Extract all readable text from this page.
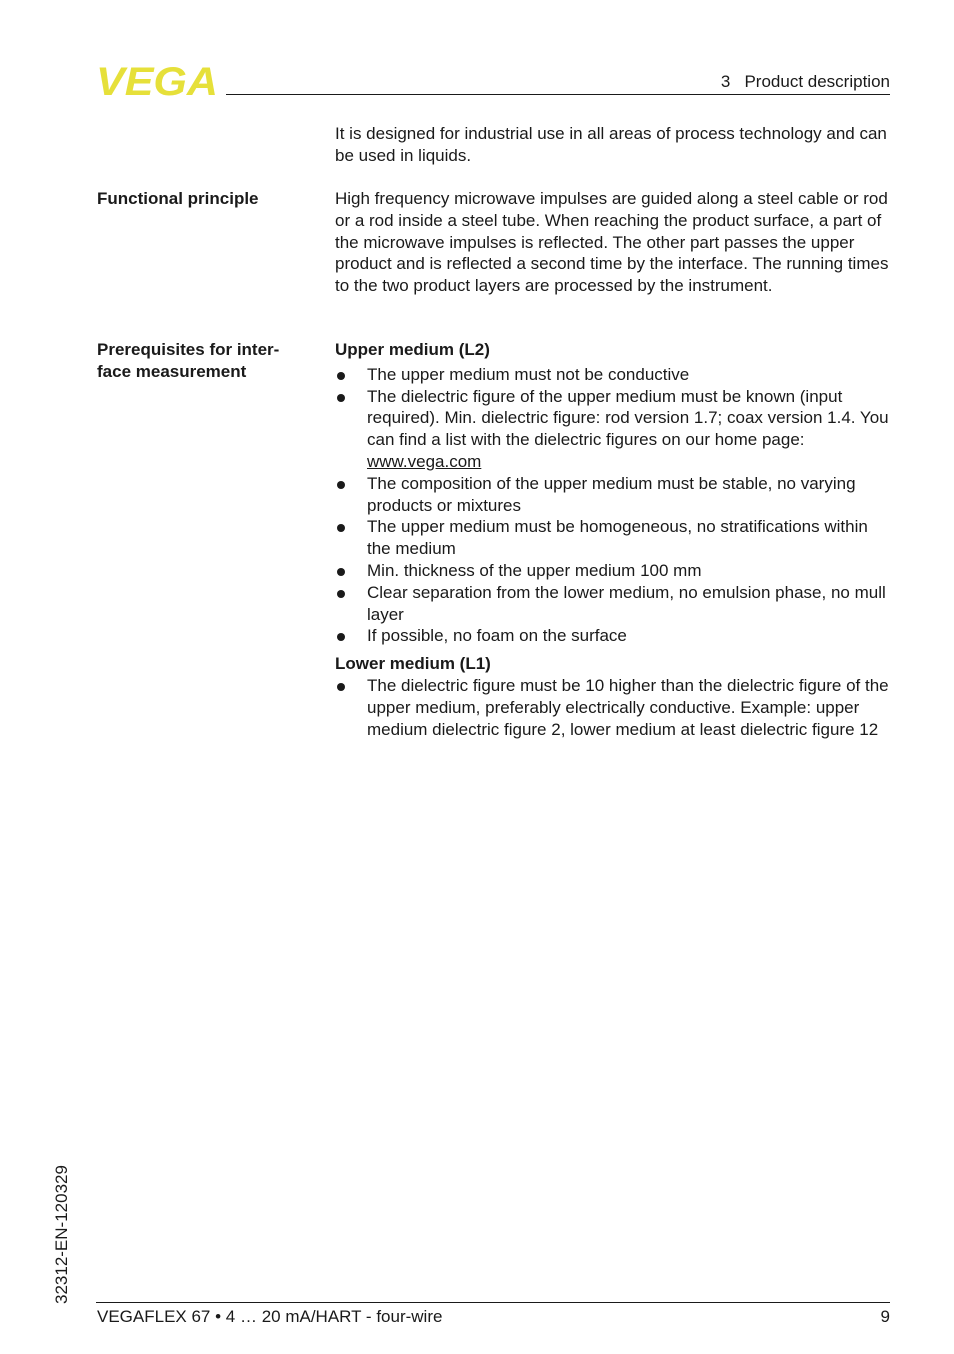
VEGA	3   Product description
It is designed for industrial use in all areas of process technology and can be used in liquids.
Functional principle	High frequency microwave impulses are guided along a steel cable or rod or a rod inside a steel tube. When reaching the product surface, a part of the microwave impulses is reflected. The other part passes the upper product and is reflected a second time by the interface. The running times to the two product layers are processed by the instrument.
Prerequisites for inter-
face measurement
Upper medium (L2)
The upper medium must not be conductive
The dielectric figure of the upper medium must be known (input required). Min. dielectric figure: rod version 1.7; coax version 1.4. You can find a list with the dielectric figures on our home page:
www.vega.com
The composition of the upper medium must be stable, no varying products or mixtures
The upper medium must be homogeneous, no stratifications within the medium
Min. thickness of the upper medium 100 mm
Clear separation from the lower medium, no emulsion phase, no mull layer
If possible, no foam on the surface
Lower medium (L1)
The dielectric figure must be 10 higher than the dielectric figure of the upper medium, preferably electrically conductive. Example: upper medium dielectric figure 2, lower medium at least dielectric figure 12
32312-EN-120329
VEGAFLEX 67 • 4 … 20 mA/HART - four-wire	9
